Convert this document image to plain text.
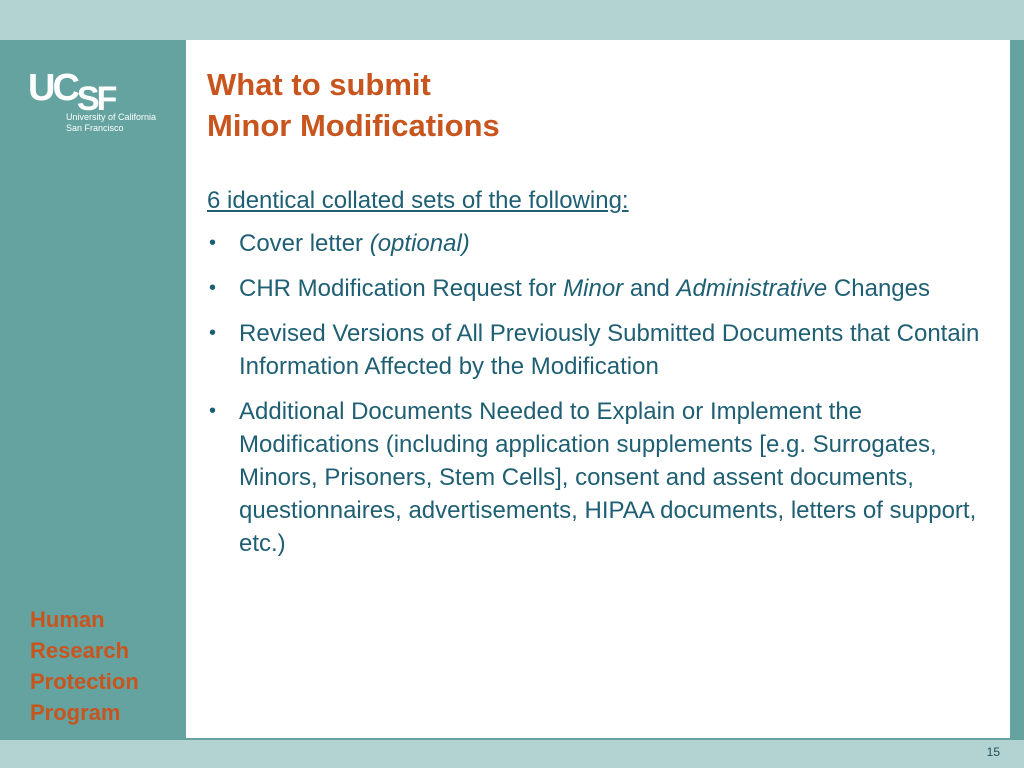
UCSF
University of California
San Francisco
Human
Research
Protection
Program
What to submit
Minor Modifications
6 identical collated sets of the following:
• Cover letter (optional)
• CHR Modification Request for Minor and Administrative Changes
• Revised Versions of All Previously Submitted Documents that Contain Information Affected by the Modification
• Additional Documents Needed to Explain or Implement the Modifications (including application supplements [e.g. Surrogates, Minors, Prisoners, Stem Cells], consent and assent documents, questionnaires, advertisements, HIPAA documents, letters of support, etc.)
15
